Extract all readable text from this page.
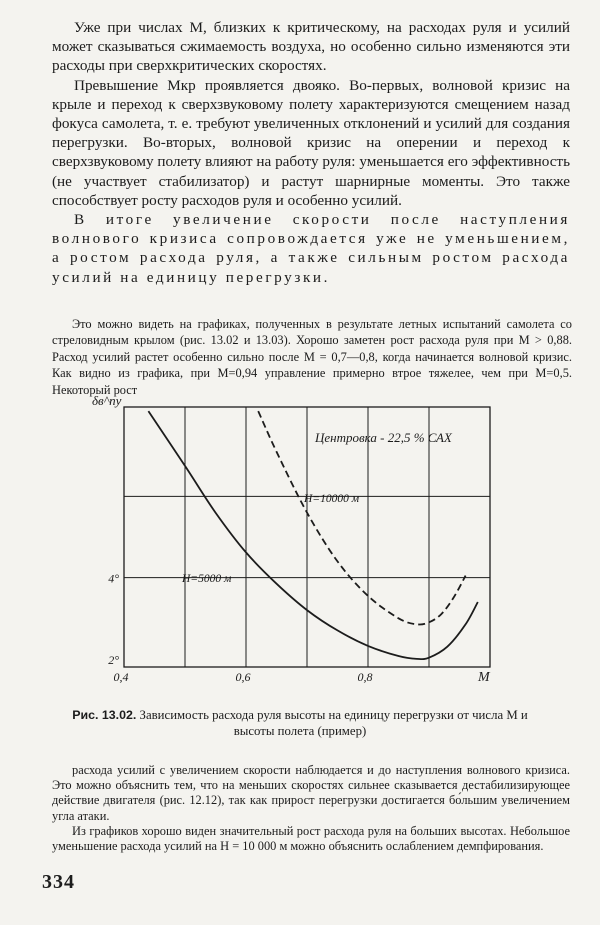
Уже при числах М, близких к критическому, на расходах руля и усилий может сказываться сжимаемость воздуха, но особенно сильно изменяются эти расходы при сверхкритических скоростях.

Превышение Мкр проявляется двояко. Во-первых, волновой кризис на крыле и переход к сверхзвуковому полету характеризуются смещением назад фокуса самолета, т. е. требуют увеличенных отклонений и усилий для создания перегрузки. Во-вторых, волновой кризис на оперении и переход к сверхзвуковому полету влияют на работу руля: уменьшается его эффективность (не участвует стабилизатор) и растут шарнирные моменты. Это также способствует росту расходов руля и особенно усилий.

В итоге увеличение скорости после наступления волнового кризиса сопровождается уже не уменьшением, а ростом расхода руля, а также сильным ростом расхода усилий на единицу перегрузки.

Это можно видеть на графиках, полученных в результате летных испытаний самолета со стреловидным крылом (рис. 13.02 и 13.03). Хорошо заметен рост расхода руля при М > 0,88. Расход усилий растет особенно сильно после М = 0,7—0,8, когда начинается волновой кризис. Как видно из графика, при М=0,94 управление примерно втрое тяжелее, чем при М=0,5. Некоторый рост

δв^ny
М
Центровка - 22,5 % САХ
H=10000 м
H=5000 м
0,4	0,6	0,8
2°
4°
Рис. 13.02. Зависимость расхода руля высоты на единицу перегрузки от числа М и высоты полета (пример)

расхода усилий с увеличением скорости наблюдается и до наступления волнового кризиса. Это можно объяснить тем, что на меньших скоростях сильнее сказывается дестабилизирующее действие двигателя (рис. 12.12), так как прирост перегрузки достигается бо́льшим увеличением угла атаки.

Из графиков хорошо виден значительный рост расхода руля на больших высотах. Небольшое уменьшение расхода усилий на Н = 10 000 м можно объяснить ослаблением демпфирования.

334
